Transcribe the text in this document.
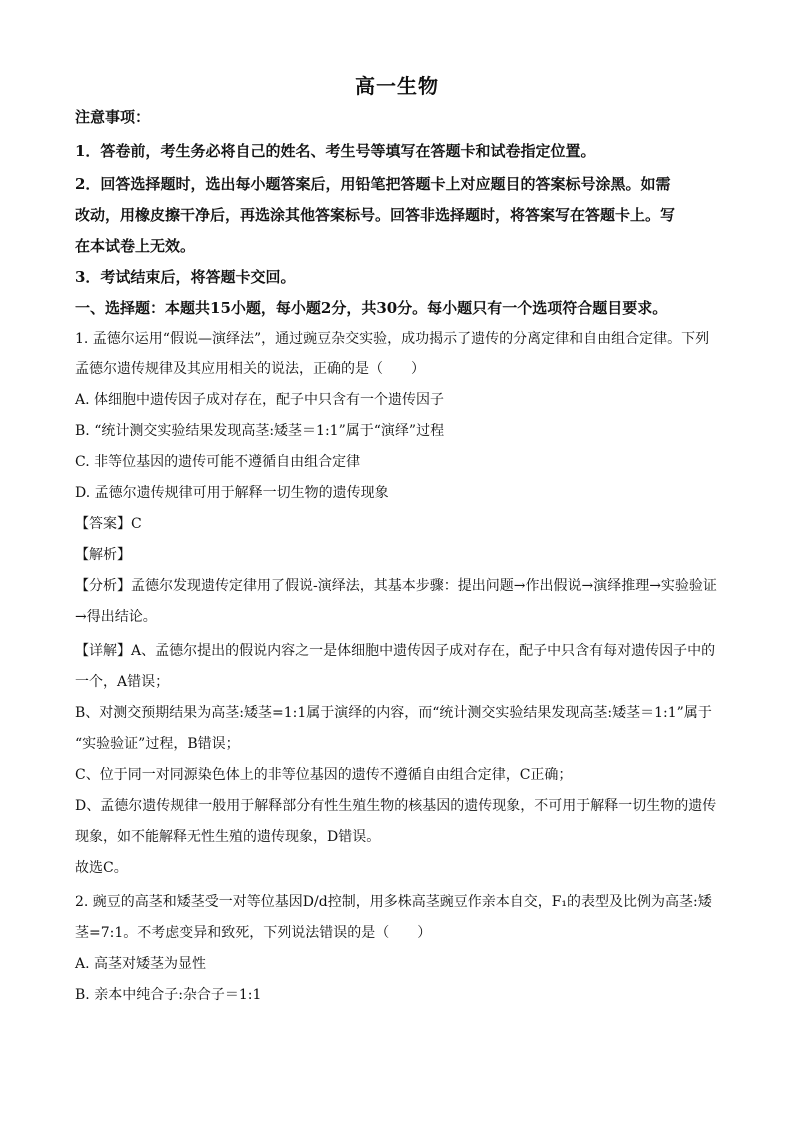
高一生物
注意事项：
1．答卷前，考生务必将自己的姓名、考生号等填写在答题卡和试卷指定位置。
2．回答选择题时，选出每小题答案后，用铅笔把答题卡上对应题目的答案标号涂黑。如需
改动，用橡皮擦干净后，再选涂其他答案标号。回答非选择题时，将答案写在答题卡上。写
在本试卷上无效。
3．考试结束后，将答题卡交回。
一、选择题：本题共15小题，每小题2分，共30分。每小题只有一个选项符合题目要求。
1. 孟德尔运用“假说—演绎法”，通过豌豆杂交实验，成功揭示了遗传的分离定律和自由组合定律。下列
孟德尔遗传规律及其应用相关的说法，正确的是（　　）
A. 体细胞中遗传因子成对存在，配子中只含有一个遗传因子
B. “统计测交实验结果发现高茎:矮茎＝1:1”属于“演绎”过程
C. 非等位基因的遗传可能不遵循自由组合定律
D. 孟德尔遗传规律可用于解释一切生物的遗传现象
【答案】C
【解析】
【分析】孟德尔发现遗传定律用了假说-演绎法，其基本步骤：提出问题→作出假说→演绎推理→实验验证
→得出结论。
【详解】A、孟德尔提出的假说内容之一是体细胞中遗传因子成对存在，配子中只含有每对遗传因子中的
一个，A错误；
B、对测交预期结果为高茎:矮茎=1:1属于演绎的内容，而“统计测交实验结果发现高茎:矮茎＝1:1”属于
“实验验证”过程，B错误；
C、位于同一对同源染色体上的非等位基因的遗传不遵循自由组合定律，C正确；
D、孟德尔遗传规律一般用于解释部分有性生殖生物的核基因的遗传现象，不可用于解释一切生物的遗传
现象，如不能解释无性生殖的遗传现象，D错误。
故选C。
2. 豌豆的高茎和矮茎受一对等位基因D/d控制，用多株高茎豌豆作亲本自交，F₁的表型及比例为高茎:矮
茎=7:1。不考虑变异和致死，下列说法错误的是（　　）
A. 高茎对矮茎为显性
B. 亲本中纯合子:杂合子＝1:1
